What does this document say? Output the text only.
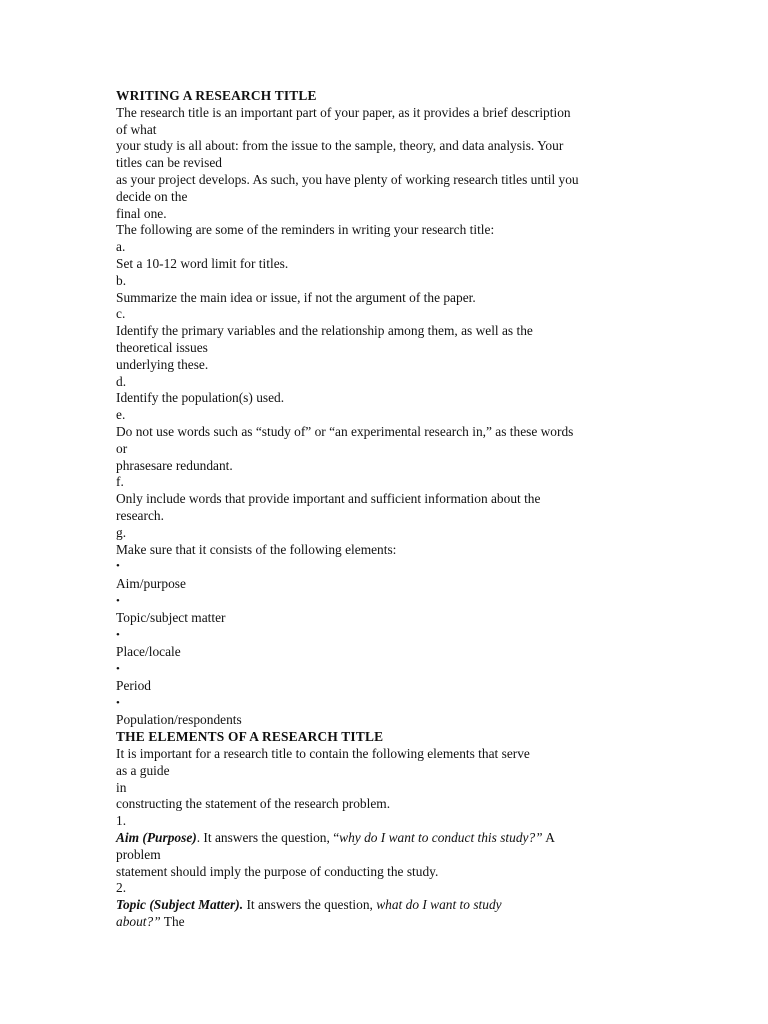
WRITING A RESEARCH TITLE
The research title is an important part of your paper, as it provides a brief description
of what
your study is all about: from the issue to the sample, theory, and data analysis. Your
titles can be revised
as your project develops. As such, you have plenty of working research titles until you
decide on the
final one.
The following are some of the reminders in writing your research title:
a.
Set a 10-12 word limit for titles.
b.
Summarize the main idea or issue, if not the argument of the paper.
c.
Identify the primary variables and the relationship among them, as well as the
theoretical issues
underlying these.
d.
Identify the population(s) used.
e.
Do not use words such as “study of” or “an experimental research in,” as these words
or
phrasesare redundant.
f.
Only include words that provide important and sufficient information about the
research.
g.
Make sure that it consists of the following elements:
•
Aim/purpose
•
Topic/subject matter
•
Place/locale
•
Period
•
Population/respondents
THE ELEMENTS OF A RESEARCH TITLE
It is important for a research title to contain the following elements that serve
as a guide
in
constructing the statement of the research problem.
1.
Aim (Purpose). It answers the question, “why do I want to conduct this study?” A
problem
statement should imply the purpose of conducting the study.
2.
Topic (Subject Matter). It answers the question, what do I want to study
about?” The
